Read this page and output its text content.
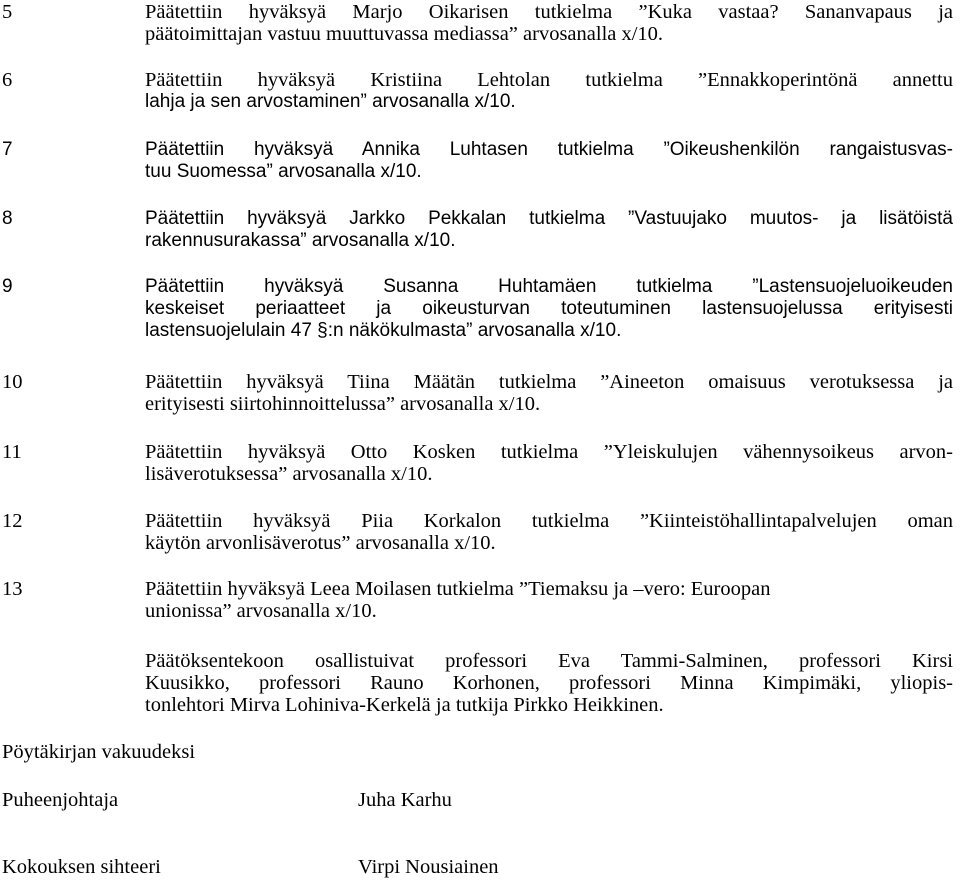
5	Päätettiin hyväksyä Marjo Oikarisen tutkielma ”Kuka vastaa? Sananvapaus ja
päätoimittajan vastuu muuttuvassa mediassa” arvosanalla x/10.
6	Päätettiin hyväksyä Kristiina Lehtolan tutkielma ”Ennakkoperintönä annettu
lahja ja sen arvostaminen” arvosanalla x/10.
7	Päätettiin hyväksyä Annika Luhtasen tutkielma ”Oikeushenkilön rangaistusvas-
tuu Suomessa” arvosanalla x/10.
8	Päätettiin hyväksyä Jarkko Pekkalan tutkielma ”Vastuujako muutos- ja lisätöistä
rakennusurakassa” arvosanalla x/10.
9	Päätettiin hyväksyä Susanna Huhtamäen tutkielma ”Lastensuojeluoikeuden
keskeiset periaatteet ja oikeusturvan toteutuminen lastensuojelussa erityisesti
lastensuojelulain 47 §:n näkökulmasta” arvosanalla x/10.
10	Päätettiin hyväksyä Tiina Määtän tutkielma ”Aineeton omaisuus verotuksessa ja
erityisesti siirtohinnoittelussa” arvosanalla x/10.
11	Päätettiin hyväksyä Otto Kosken tutkielma ”Yleiskulujen vähennysoikeus arvon-
lisäverotuksessa” arvosanalla x/10.
12	Päätettiin hyväksyä Piia Korkalon tutkielma ”Kiinteistöhallintapalvelujen oman
käytön arvonlisäverotus” arvosanalla x/10.
13	Päätettiin hyväksyä Leea Moilasen tutkielma ”Tiemaksu ja –vero: Euroopan
unionissa” arvosanalla x/10.
Päätöksentekoon osallistuivat professori Eva Tammi-Salminen, professori Kirsi
Kuusikko, professori Rauno Korhonen, professori Minna Kimpimäki, yliopis-
tonlehtori Mirva Lohiniva-Kerkelä ja tutkija Pirkko Heikkinen.
Pöytäkirjan vakuudeksi
Puheenjohtaja	Juha Karhu
Kokouksen sihteeri	Virpi Nousiainen
